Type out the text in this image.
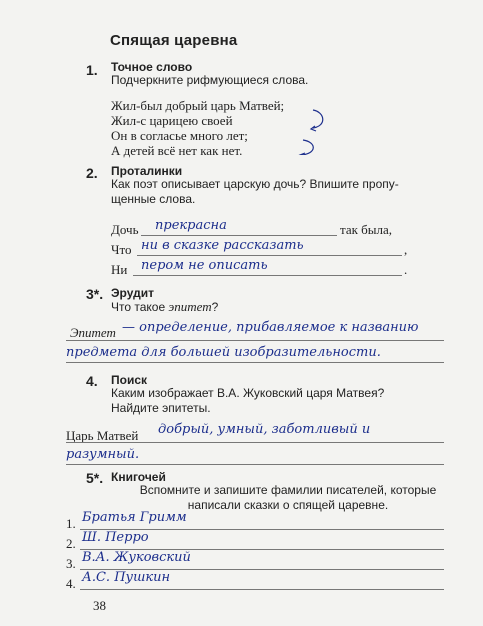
Спящая царевна
1. Точное слово
Подчеркните рифмующиеся слова.
Жил-был добрый царь Матвей;
Жил-с царицею своей
Он в согласье много лет;
А детей всё нет как нет.
2. Проталинки
Как поэт описывает царскую дочь? Впишите пропу-
щенные слова.
Дочь прекрасна	так была,
Что ни в сказке рассказать	,
Ни пером не описать	.
3*. Эрудит
Что такое эпитет?
Эпитет — определение, прибавляемое к названию
предмета для большей изобразительности.
4. Поиск
Каким изображает В.А. Жуковский царя Матвея?
Найдите эпитеты.
Царь Матвей добрый, умный, заботливый и
разумный.
5*. Книгочей
Вспомните и запишите фамилии писателей, которые
написали сказки о спящей царевне.
1. Братья Гримм
2. Ш. Перро
3. В.А. Жуковский
4. А.С. Пушкин
38
